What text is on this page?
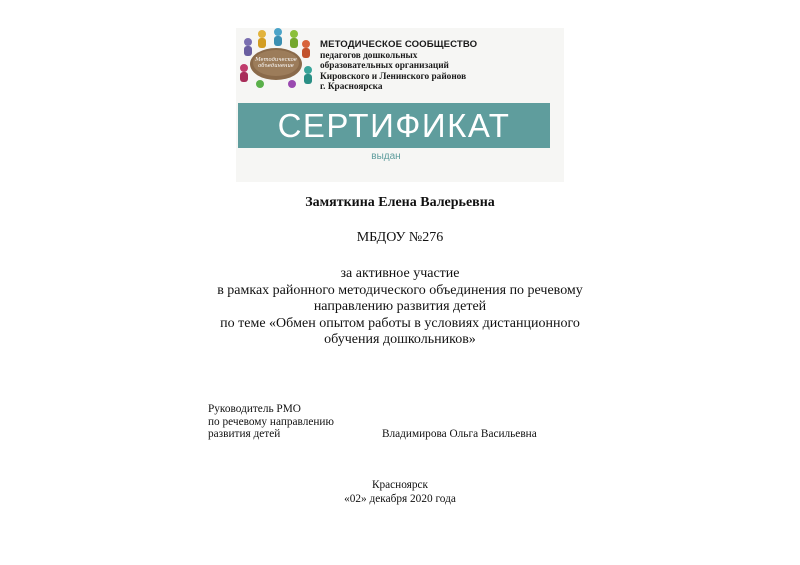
Методическое
объединение
МЕТОДИЧЕСКОЕ СООБЩЕСТВО
педагогов дошкольных
образовательных организаций
Кировского и Ленинского районов
г. Красноярска
СЕРТИФИКАТ
выдан
Замяткина Елена Валерьевна
МБДОУ №276
за активное участие
в рамках районного методического объединения по речевому
направлению развития детей
по теме «Обмен опытом работы в условиях дистанционного
обучения дошкольников»
Руководитель РМО
по речевому направлению
развития детей	Владимирова Ольга Васильевна
Красноярск
«02» декабря 2020 года
